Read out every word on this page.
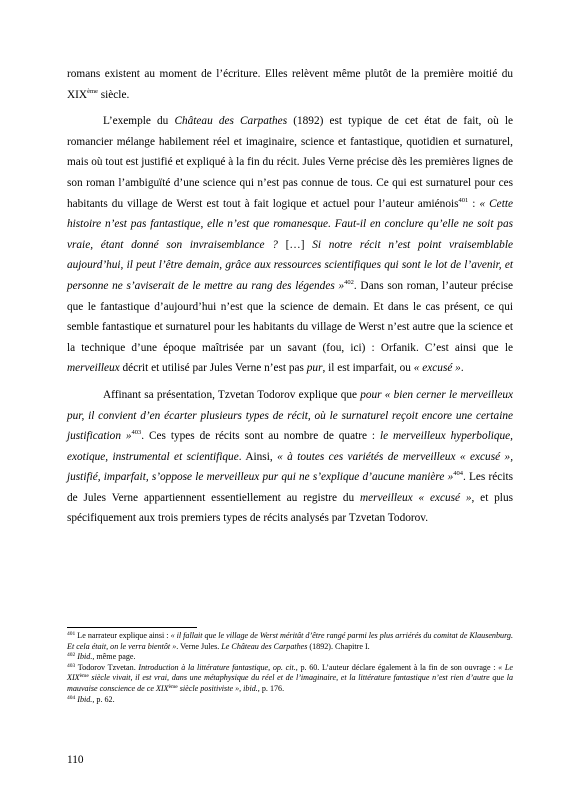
romans existent au moment de l’écriture. Elles relèvent même plutôt de la première moitié du XIXème siècle.

L’exemple du Château des Carpathes (1892) est typique de cet état de fait, où le romancier mélange habilement réel et imaginaire, science et fantastique, quotidien et surnaturel, mais où tout est justifié et expliqué à la fin du récit. Jules Verne précise dès les premières lignes de son roman l’ambiguïté d’une science qui n’est pas connue de tous. Ce qui est surnaturel pour ces habitants du village de Werst est tout à fait logique et actuel pour l’auteur amiénois$^{401}$ : « Cette histoire n’est pas fantastique, elle n’est que romanesque. Faut-il en conclure qu’elle ne soit pas vraie, étant donné son invraisemblance ? […] Si notre récit n’est point vraisemblable aujourd’hui, il peut l’être demain, grâce aux ressources scientifiques qui sont le lot de l’avenir, et personne ne s’aviserait de le mettre au rang des légendes »$^{402}$. Dans son roman, l’auteur précise que le fantastique d’aujourd’hui n’est que la science de demain. Et dans le cas présent, ce qui semble fantastique et surnaturel pour les habitants du village de Werst n’est autre que la science et la technique d’une époque maîtrisée par un savant (fou, ici) : Orfanik. C’est ainsi que le merveilleux décrit et utilisé par Jules Verne n’est pas pur, il est imparfait, ou « excusé ».

Affinant sa présentation, Tzvetan Todorov explique que pour « bien cerner le merveilleux pur, il convient d’en écarter plusieurs types de récit, où le surnaturel reçoit encore une certaine justification »$^{403}$. Ces types de récits sont au nombre de quatre : le merveilleux hyperbolique, exotique, instrumental et scientifique. Ainsi, « à toutes ces variétés de merveilleux « excusé », justifié, imparfait, s’oppose le merveilleux pur qui ne s’explique d’aucune manière »$^{404}$. Les récits de Jules Verne appartiennent essentiellement au registre du merveilleux « excusé », et plus spécifiquement aux trois premiers types de récits analysés par Tzvetan Todorov.

$^{401}$ Le narrateur explique ainsi : « il fallait que le village de Werst méritât d’être rangé parmi les plus arriérés du comitat de Klausenburg. Et cela était, on le verra bientôt ». Verne Jules. Le Château des Carpathes (1892). Chapitre I.

$^{402}$ Ibid., même page.

$^{403}$ Todorov Tzvetan. Introduction à la littérature fantastique, op. cit., p. 60. L’auteur déclare également à la fin de son ouvrage : « Le XIXème siècle vivait, il est vrai, dans une métaphysique du réel et de l’imaginaire, et la littérature fantastique n’est rien d’autre que la mauvaise conscience de ce XIXème siècle positiviste », ibid., p. 176.

$^{404}$ Ibid., p. 62.

110
